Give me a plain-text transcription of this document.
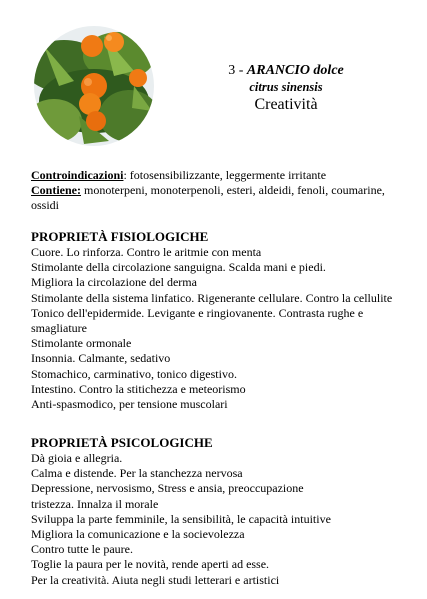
3 - ARANCIO dolce
citrus sinensis
Creatività
Controindicazioni: fotosensibilizzante, leggermente irritante
Contiene: monoterpeni, monoterpenoli, esteri, aldeidi, fenoli, coumarine, ossidi
PROPRIETÀ FISIOLOGICHE
Cuore. Lo rinforza. Contro le aritmie con menta
Stimolante della circolazione sanguigna. Scalda mani e piedi.
Migliora la circolazione del derma
Stimolante della sistema linfatico. Rigenerante cellulare. Contro la cellulite
Tonico dell'epidermide. Levigante e ringiovanente. Contrasta rughe e smagliature
Stimolante ormonale
Insonnia. Calmante, sedativo
Stomachico, carminativo, tonico digestivo.
Intestino. Contro la stitichezza e meteorismo
Anti-spasmodico, per tensione muscolari
PROPRIETÀ PSICOLOGICHE
Dà gioia e allegria.
Calma e distende. Per la stanchezza nervosa
Depressione, nervosismo, Stress e ansia, preoccupazione
tristezza. Innalza il morale
Sviluppa la parte femminile, la sensibilità, le capacità intuitive
Migliora la comunicazione e la socievolezza
Contro tutte le paure.
Toglie la paura per le novità, rende aperti ad esse.
Per la creatività. Aiuta negli studi letterari e artistici
